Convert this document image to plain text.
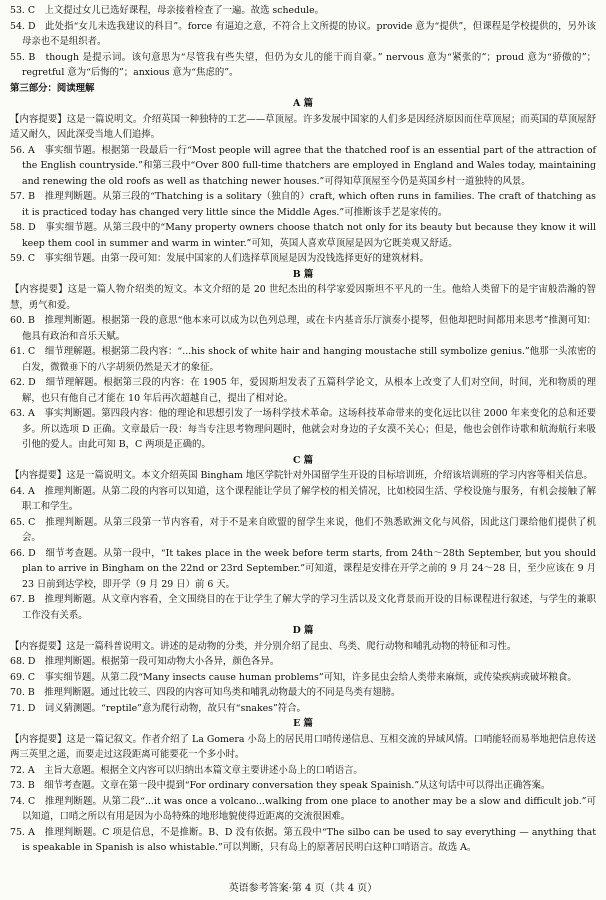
53. C　上文提过女儿已选好课程，母亲接着检查了一遍。故选 schedule。

54. D　此处指“女儿未选我建议的科目”。force 有逼迫之意，不符合上文所提的协议。provide 意为“提供”，但课程是学校提供的，另外该母亲也不是组织者。

55. B　though 是提示词。该句意思为“尽管我有些失望，但仍为女儿的能干而自豪。” nervous 意为“紧张的”；proud 意为“骄傲的”；regretful 意为“后悔的”；anxious 意为“焦虑的”。

第三部分：阅读理解

A 篇

【内容提要】这是一篇说明文。介绍英国一种独特的工艺——草顶屋。许多发展中国家的人们多是因经济原因而住草顶屋；而英国的草顶屋舒适又耐久，因此深受当地人们追捧。

56. A　事实细节题。根据第一段最后一行“Most people will agree that the thatched roof is an essential part of the attraction of the English countryside.”和第三段中“Over 800 full-time thatchers are employed in England and Wales today, maintaining and renewing the old roofs as well as thatching newer houses.”可得知草顶屋至今仍是英国乡村一道独特的风景。

57. B　推理判断题。从第三段的“Thatching is a solitary（独自的）craft, which often runs in families. The craft of thatching as it is practiced today has changed very little since the Middle Ages.”可推断该手艺是家传的。

58. D　事实细节题。从第三段中的“Many property owners choose thatch not only for its beauty but because they know it will keep them cool in summer and warm in winter.”可知，英国人喜欢草顶屋是因为它既美观又舒适。

59. C　事实细节题。由第一段可知：发展中国家的人们选择草顶屋是因为没钱选择更好的建筑材料。

B 篇

【内容提要】这是一篇人物介绍类的短文。本文介绍的是 20 世纪杰出的科学家爱因斯坦不平凡的一生。他给人类留下的是宇宙般浩瀚的智慧，勇气和爱。

60. B　推理判断题。根据第一段的意思“他本来可以成为以色列总理，或在卡内基音乐厅演奏小提琴，但他却把时间都用来思考”推测可知：他具有政治和音乐天赋。

61. C　细节理解题。根据第二段内容：“...his shock of white hair and hanging moustache still symbolize genius.”他那一头浓密的白发，微微垂下的八字胡须仍然是天才的象征。

62. D　细节理解题。根据第三段的内容：在 1905 年，爱因斯坦发表了五篇科学论文，从根本上改变了人们对空间，时间，光和物质的理解，也只有他自己才能在 10 年后再次超越自己，提出了相对论。

63. A　事实判断题。第四段内容：他的理论和思想引发了一场科学技术革命。这场科技革命带来的变化远比以往 2000 年来变化的总和还要多。所以选项 D 正确。文章最后一段：每当专注思考物理问题时，他就会对身边的子女漠不关心；但是，他也会创作诗歌和航海航行来吸引他的爱人。由此可知 B，C 两项是正确的。

C 篇

【内容提要】这是一篇说明文。本文介绍英国 Bingham 地区学院针对外国留学生开设的目标培训班，介绍该培训班的学习内容等相关信息。

64. A　推理判断题。从第二段的内容可以知道，这个课程能让学员了解学校的相关情况，比如校园生活、学校设施与服务，有机会接触了解职工和学生。

65. C　推理判断题。从第三段第一节内容看，对于不是来自欧盟的留学生来说，他们不熟悉欧洲文化与风俗，因此这门课给他们提供了机会。

66. D　细节考查题。从第一段中，“It takes place in the week before term starts, from 24th～28th September, but you should plan to arrive in Bingham on the 22nd or 23rd September.”可知道，课程是安排在开学之前的 9 月 24～28 日，至少应该在 9 月 23 日前到达学校，即开学（9 月 29 日）前 6 天。

67. B　推理判断题。从文章内容看，全文围绕目的在于让学生了解大学的学习生活以及文化背景而开设的目标课程进行叙述，与学生的兼职工作没有关系。

D 篇

【内容提要】这是一篇科普说明文。讲述的是动物的分类，并分别介绍了昆虫、鸟类、爬行动物和哺乳动物的特征和习性。

68. D　推理判断题。根据第一段可知动物大小各异，颜色各异。

69. C　事实细节题。从第二段“Many insects cause human problems”可知，许多昆虫会给人类带来麻烦，或传染疾病或破坏粮食。

70. B　推理判断题。通过比较三、四段的内容可知鸟类和哺乳动物最大的不同是鸟类有翅膀。

71. D　词义猜测题。“reptile”意为爬行动物，故只有“snakes”符合。

E 篇

【内容提要】这是一篇记叙文。作者介绍了 La Gomera 小岛上的居民用口哨传递信息、互相交流的异域风情。口哨能轻而易举地把信息传送两三英里之遥，而要走过这段距离可能要花一个多小时。

72. A　主旨大意题。根据全文内容可以归纳出本篇文章主要讲述小岛上的口哨语言。

73. B　细节考查题。文章在第一段中提到“For ordinary conversation they speak Spainish.”从这句话中可以得出正确答案。

74. C　推理判断题。从第二段“...it was once a volcano...walking from one place to another may be a slow and difficult job.”可以知道，口哨之所以有用是因为小岛特殊的地形地貌使得近距离的交流很困难。

75. A　推理判断题。C 项是信息，不是推断。B、D 没有依据。第五段中“The silbo can be used to say everything — anything that is speakable in Spanish is also whistable.”可以判断，只有岛上的原著居民明白这种口哨语言。故选 A。

英语参考答案·第 4 页（共 4 页）
